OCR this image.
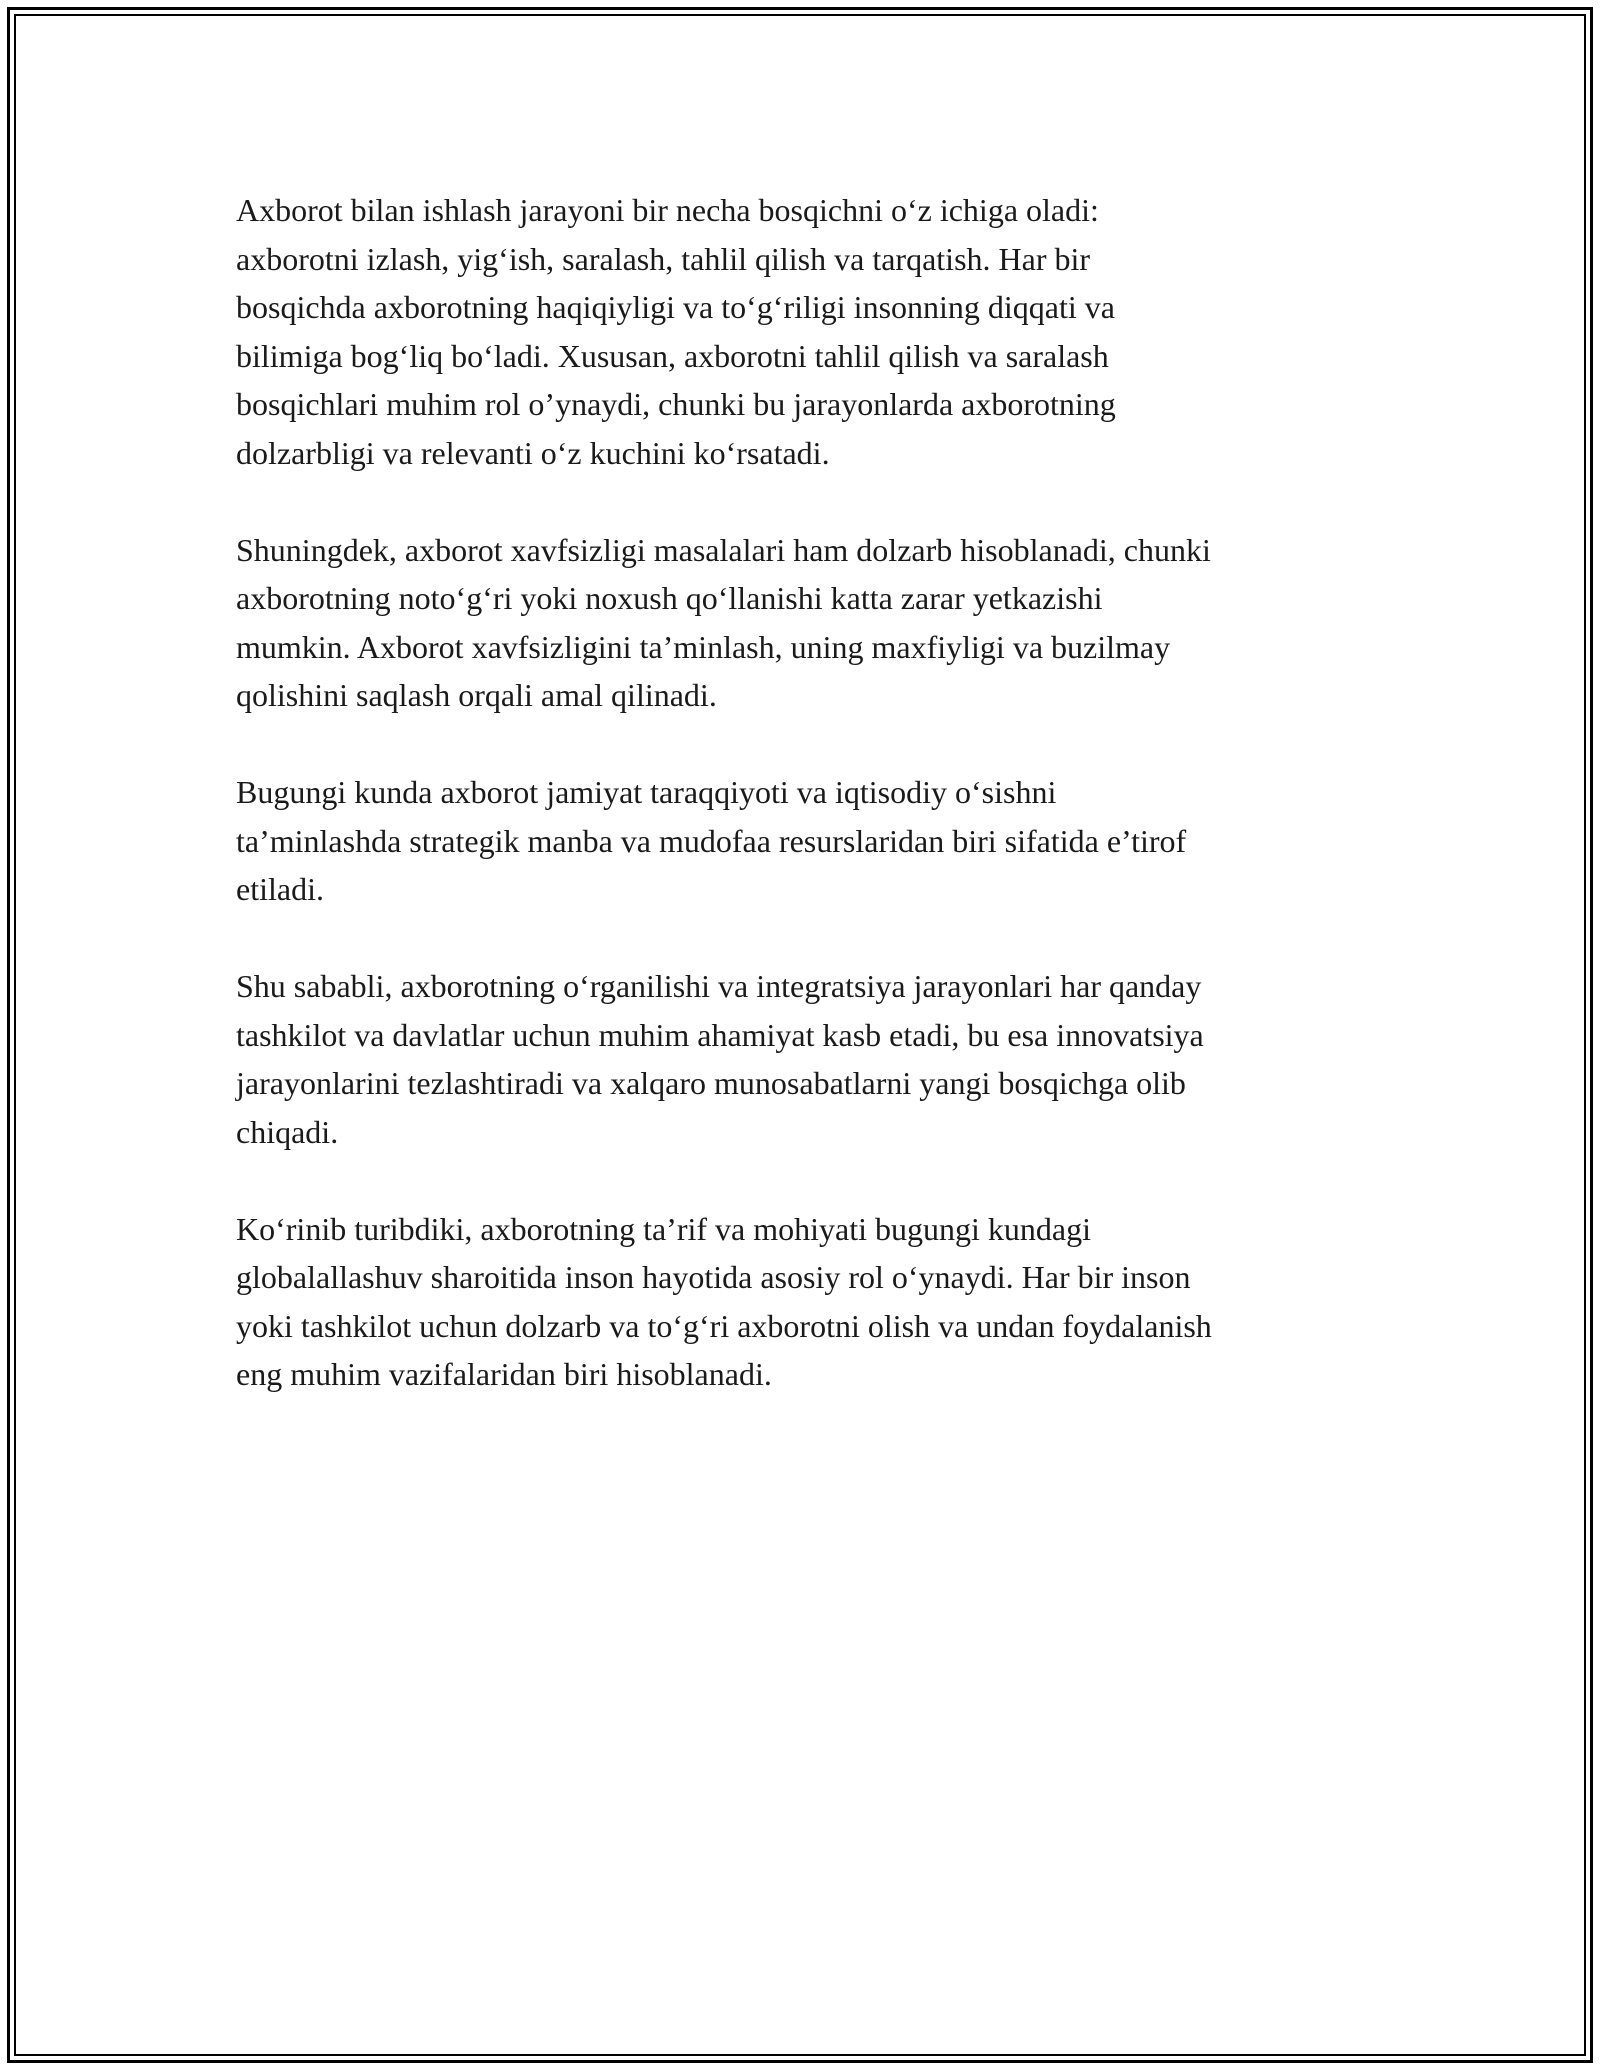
Axborot bilan ishlash jarayoni bir necha bosqichni o‘z ichiga oladi:
axborotni izlash, yig‘ish, saralash, tahlil qilish va tarqatish. Har bir
bosqichda axborotning haqiqiyligi va to‘g‘riligi insonning diqqati va
bilimiga bog‘liq bo‘ladi. Xususan, axborotni tahlil qilish va saralash
bosqichlari muhim rol o’ynaydi, chunki bu jarayonlarda axborotning
dolzarbligi va relevanti o‘z kuchini ko‘rsatadi.

Shuningdek, axborot xavfsizligi masalalari ham dolzarb hisoblanadi, chunki
axborotning noto‘g‘ri yoki noxush qo‘llanishi katta zarar yetkazishi
mumkin. Axborot xavfsizligini ta’minlash, uning maxfiyligi va buzilmay
qolishini saqlash orqali amal qilinadi.

Bugungi kunda axborot jamiyat taraqqiyoti va iqtisodiy o‘sishni
ta’minlashda strategik manba va mudofaa resurslaridan biri sifatida e’tirof
etiladi.

Shu sababli, axborotning o‘rganilishi va integratsiya jarayonlari har qanday
tashkilot va davlatlar uchun muhim ahamiyat kasb etadi, bu esa innovatsiya
jarayonlarini tezlashtiradi va xalqaro munosabatlarni yangi bosqichga olib
chiqadi.

Ko‘rinib turibdiki, axborotning ta’rif va mohiyati bugungi kundagi
globalallashuv sharoitida inson hayotida asosiy rol o‘ynaydi. Har bir inson
yoki tashkilot uchun dolzarb va to‘g‘ri axborotni olish va undan foydalanish
eng muhim vazifalaridan biri hisoblanadi.
